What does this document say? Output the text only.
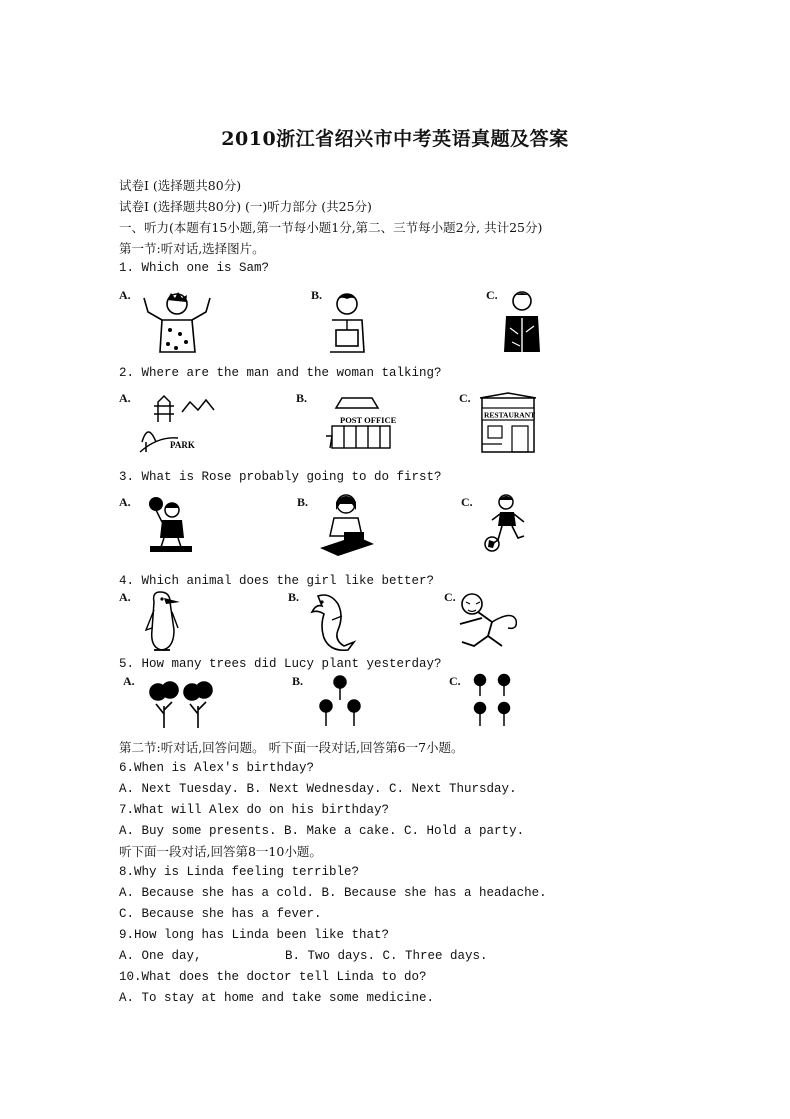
2010浙江省绍兴市中考英语真题及答案
试卷I (选择题共80分)
试卷I (选择题共80分) (一)听力部分 (共25分)
一、听力(本题有15小题,第一节每小题1分,第二、三节每小题2分, 共计25分)
第一节:听对话,选择图片。
1. Which one is Sam?
A.	B.	C.
2. Where are the man and the woman talking?
A.	B.	C.
PARK
POST OFFICE	RESTAURANT
3. What is Rose probably going to do first?
A.	B.	C.
4. Which animal does the girl like better?
A.	B.	C.
5. How many trees did Lucy plant yesterday?
A.	B.	C.
第二节:听对话,回答问题。 听下面一段对话,回答第6一7小题。
6.When is Alex's birthday?
A. Next Tuesday. B. Next Wednesday. C. Next Thursday.
7.What will Alex do on his birthday?
A. Buy some presents. B. Make a cake. C. Hold a party.
听下面一段对话,回答第8一10小题。
8.Why is Linda feeling terrible?
A. Because she has a cold. B. Because she has a headache.
C. Because she has a fever.
9.How long has Linda been like that?
A. One day,	B. Two days. C. Three days.
10.What does the doctor tell Linda to do?
A. To stay at home and take some medicine.
